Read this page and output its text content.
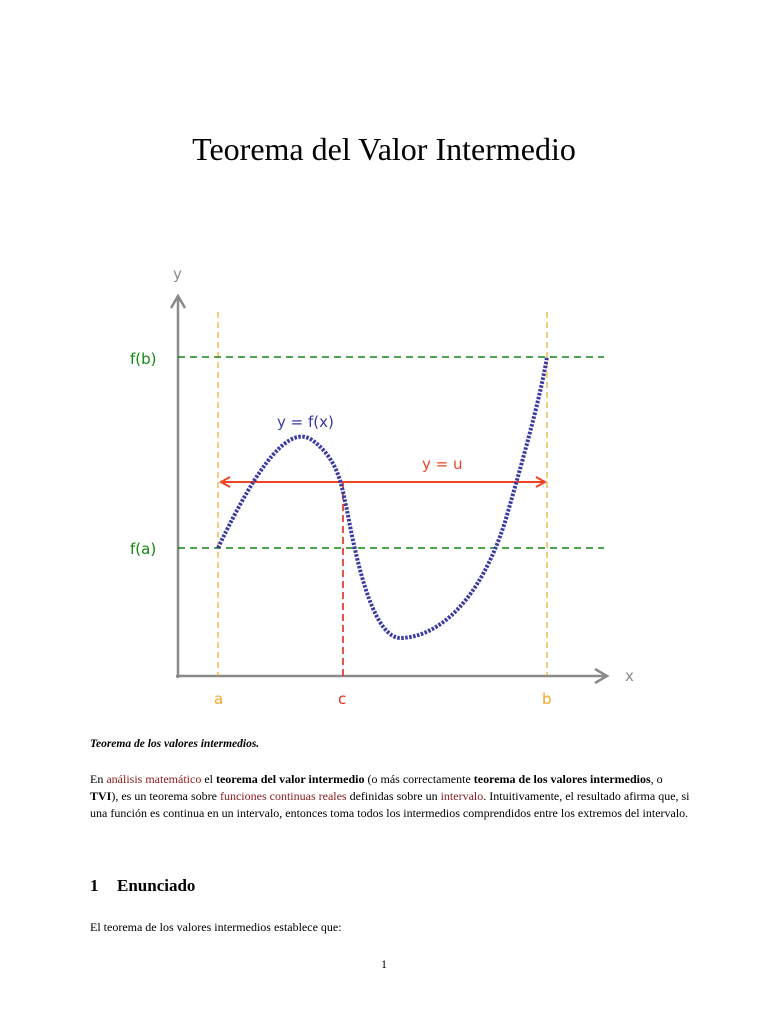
Teorema del Valor Intermedio
y
x
f(b)
f(a)
y = u
y = f(x)
a	c	b
Teorema de los valores intermedios.
En análisis matemático el teorema del valor intermedio (o más correctamente teorema de los valores intermedios, o TVI), es un teorema sobre funciones continuas reales definidas sobre un intervalo. Intuitivamente, el resultado afirma que, si una función es continua en un intervalo, entonces toma todos los intermedios comprendidos entre los extremos del intervalo.
1 Enunciado
El teorema de los valores intermedios establece que:
1
